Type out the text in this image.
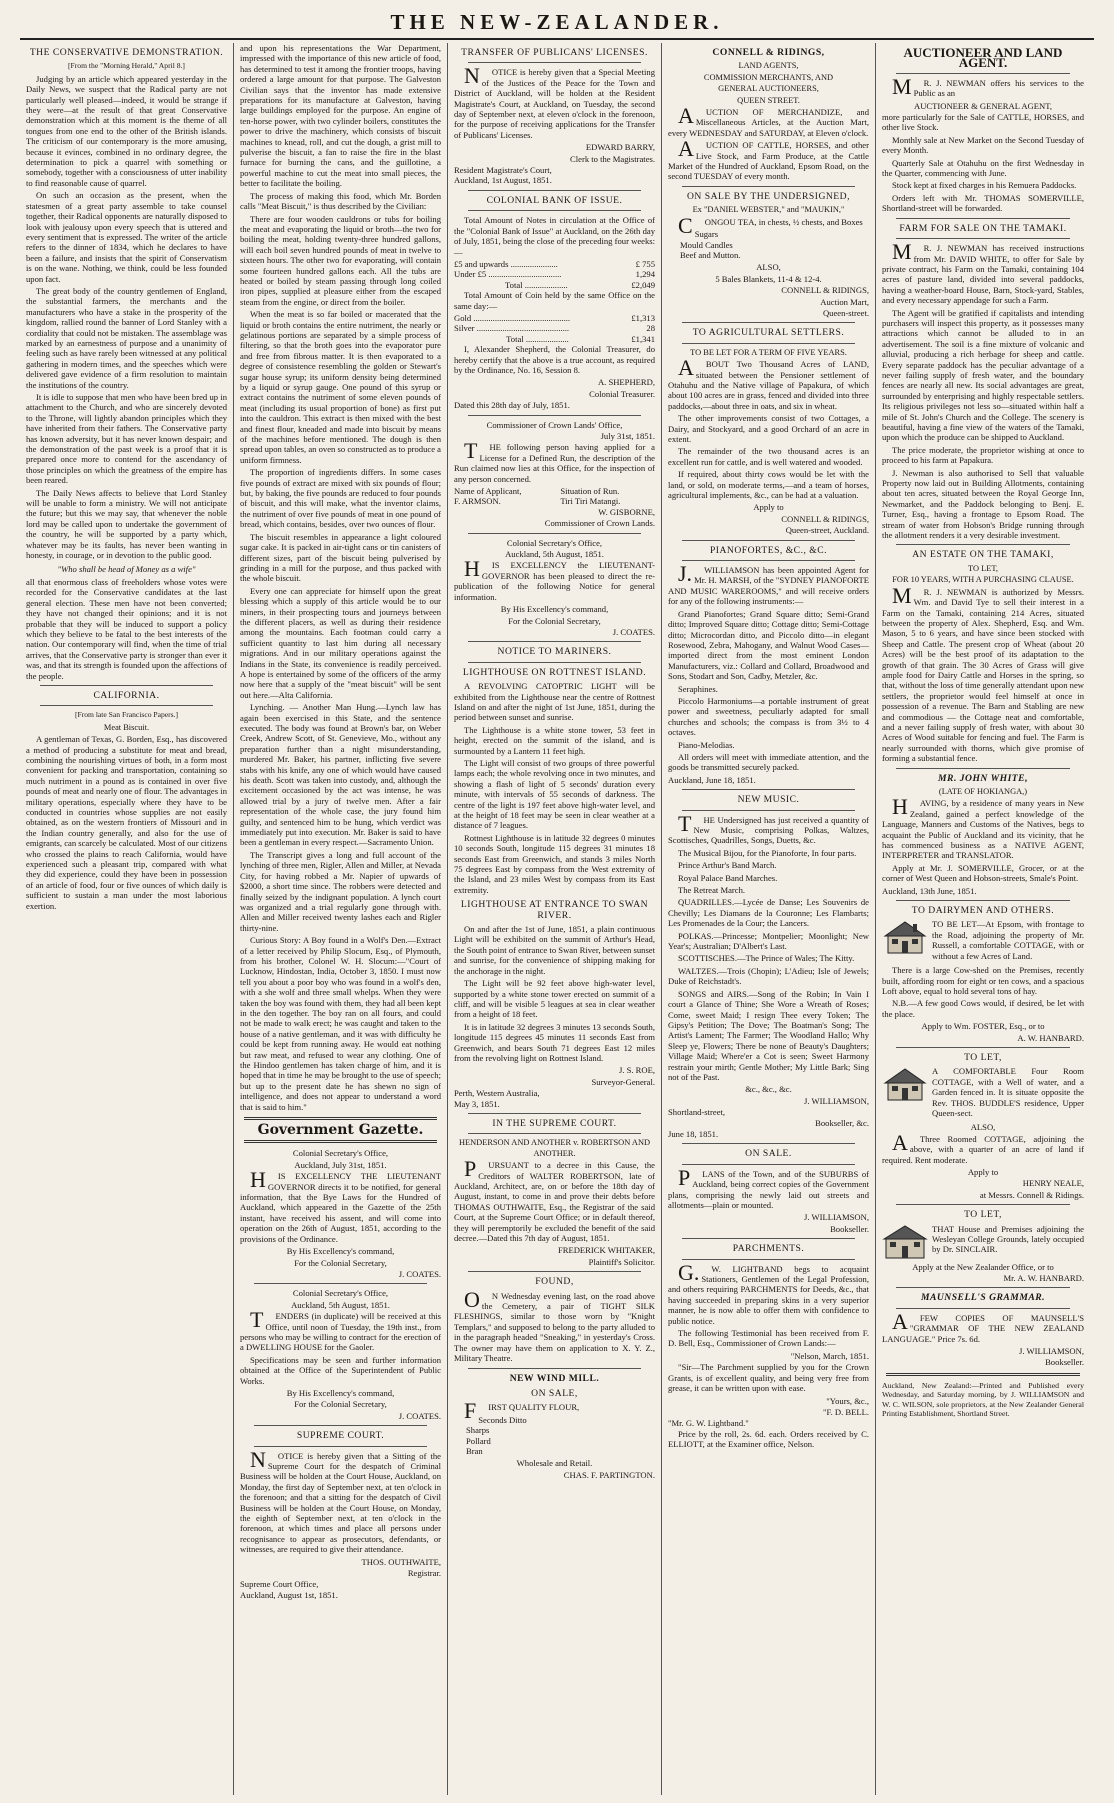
THE NEW-ZEALANDER.
THE CONSERVATIVE DEMONSTRATION.
[From the "Morning Herald," April 8.]

Judging by an article which appeared yesterday in the Daily News, we suspect that the Radical party are not particularly well pleased—indeed, it would be strange if they were—at the result of that great Conservative demonstration which at this moment is the theme of all tongues from one end to the other of the British islands. The criticism of our contemporary is the more amusing, because it evinces, combined in no ordinary degree, the determination to pick a quarrel with something or somebody, together with a consciousness of utter inability to find reasonable cause of quarrel.

On such an occasion as the present, when the statesmen of a great party assemble to take counsel together, their Radical opponents are naturally disposed to look with jealousy upon every speech that is uttered and every sentiment that is expressed. The writer of the article refers to the dinner of 1834, which he declares to have been a failure, and insists that the spirit of Conservatism is on the wane. Nothing, we think, could be less founded upon fact.

The great body of the country gentlemen of England, the substantial farmers, the merchants and the manufacturers who have a stake in the prosperity of the kingdom, rallied round the banner of Lord Stanley with a cordiality that could not be mistaken. The assemblage was marked by an earnestness of purpose and a unanimity of feeling such as have rarely been witnessed at any political gathering in modern times, and the speeches which were delivered gave evidence of a firm resolution to maintain the institutions of the country.

It is idle to suppose that men who have been bred up in attachment to the Church, and who are sincerely devoted to the Throne, will lightly abandon principles which they have inherited from their fathers. The Conservative party has known adversity, but it has never known despair; and the demonstration of the past week is a proof that it is prepared once more to contend for the ascendancy of those principles on which the greatness of the empire has been reared.

The Daily News affects to believe that Lord Stanley will be unable to form a ministry. We will not anticipate the future; but this we may say, that whenever the noble lord may be called upon to undertake the government of the country, he will be supported by a party which, whatever may be its faults, has never been wanting in honesty, in courage, or in devotion to the public good.

"Who shall be head of Money as a wife"

all that enormous class of freeholders whose votes were recorded for the Conservative candidates at the last general election. These men have not been converted; they have not changed their opinions; and it is not probable that they will be induced to support a policy which they believe to be fatal to the best interests of the nation. Our contemporary will find, when the time of trial arrives, that the Conservative party is stronger than ever it was, and that its strength is founded upon the affections of the people.

CALIFORNIA.
[From late San Francisco Papers.]
Meat Biscuit.

A gentleman of Texas, G. Borden, Esq., has discovered a method of producing a substitute for meat and bread, combining the nourishing virtues of both, in a form most convenient for packing and transportation, containing so much nutriment in a pound as is contained in over five pounds of meat and nearly one of flour. The advantages in military operations, especially where they have to be conducted in countries whose supplies are not easily obtained, as on the western frontiers of Missouri and in the Indian country generally, and also for the use of emigrants, can scarcely be calculated. Most of our citizens who crossed the plains to reach California, would have experienced such a pleasant trip, compared with what they did experience, could they have been in possession of an article of food, four or five ounces of which daily is sufficient to sustain a man under the most laborious exertion.

and upon his representations the War Department, impressed with the importance of this new article of food, has determined to test it among the frontier troops, having ordered a large amount for that purpose. The Galveston Civilian says that the inventor has made extensive preparations for its manufacture at Galveston, having large buildings employed for the purpose. An engine of ten-horse power, with two cylinder boilers, constitutes the power to drive the machinery, which consists of biscuit machines to knead, roll, and cut the dough, a grist mill to pulverise the biscuit, a fan to raise the fire in the blast furnace for burning the cans, and the guillotine, a powerful machine to cut the meat into small pieces, the better to facilitate the boiling.

The process of making this food, which Mr. Borden calls "Meat Biscuit," is thus described by the Civilian:

There are four wooden cauldrons or tubs for boiling the meat and evaporating the liquid or broth—the two for boiling the meat, holding twenty-three hundred gallons, will each boil seven hundred pounds of meat in twelve to sixteen hours. The other two for evaporating, will contain some fourteen hundred gallons each. All the tubs are heated or boiled by steam passing through long coiled iron pipes, supplied at pleasure either from the escaped steam from the engine, or direct from the boiler.

When the meat is so far boiled or macerated that the liquid or broth contains the entire nutriment, the nearly or gelatinous portions are separated by a simple process of filtering, so that the broth goes into the evaporator pure and free from fibrous matter. It is then evaporated to a degree of consistence resembling the golden or Stewart's sugar house syrup; its uniform density being determined by a liquid or syrup gauge. One pound of this syrup or extract contains the nutriment of some eleven pounds of meat (including its usual proportion of bone) as first put into the cauldron. This extract is then mixed with the best and finest flour, kneaded and made into biscuit by means of the machines before mentioned. The dough is then spread upon tables, an oven so constructed as to produce a uniform firmness.

The proportion of ingredients differs. In some cases five pounds of extract are mixed with six pounds of flour; but, by baking, the five pounds are reduced to four pounds of biscuit, and this will make, what the inventor claims, the nutriment of over five pounds of meat in one pound of bread, which contains, besides, over two ounces of flour.

The biscuit resembles in appearance a light coloured sugar cake. It is packed in air-tight cans or tin canisters of different sizes, part of the biscuit being pulverised by grinding in a mill for the purpose, and thus packed with the whole biscuit.

Every one can appreciate for himself upon the great blessing which a supply of this article would be to our miners, in their prospecting tours and journeys between the different placers, as well as during their residence among the mountains. Each footman could carry a sufficient quantity to last him during all necessary migrations. And in our military operations against the Indians in the State, its convenience is readily perceived. A hope is entertained by some of the officers of the army now here that a supply of the "meat biscuit" will be sent out here.—Alta California.

Lynching. — Another Man Hung.—Lynch law has again been exercised in this State, and the sentence executed. The body was found at Brown's bar, on Weber Creek, Andrew Scott, of St. Genevieve, Mo., without any preparation further than a night misunderstanding, murdered Mr. Baker, his partner, inflicting five severe stabs with his knife, any one of which would have caused his death. Scott was taken into custody, and, although the excitement occasioned by the act was intense, he was allowed trial by a jury of twelve men. After a fair representation of the whole case, the jury found him guilty, and sentenced him to be hung, which verdict was immediately put into execution. Mr. Baker is said to have been a gentleman in every respect.—Sacramento Union.

The Transcript gives a long and full account of the lynching of three men, Rigler, Allen and Miller, at Nevada City, for having robbed a Mr. Napier of upwards of $2000, a short time since. The robbers were detected and finally seized by the indignant population. A lynch court was organized and a trial regularly gone through with. Allen and Miller received twenty lashes each and Rigler thirty-nine.

Curious Story: A Boy found in a Wolf's Den.—Extract of a letter received by Philip Slocum, Esq., of Plymouth, from his brother, Colonel W. H. Slocum:—"Court of Lucknow, Hindostan, India, October 3, 1850. I must now tell you about a poor boy who was found in a wolf's den, with a she wolf and three small whelps. When they were taken the boy was found with them, they had all been kept in the den together. The boy ran on all fours, and could not be made to walk erect; he was caught and taken to the house of a native gentleman, and it was with difficulty he could be kept from running away. He would eat nothing but raw meat, and refused to wear any clothing. One of the Hindoo gentlemen has taken charge of him, and it is hoped that in time he may be brought to the use of speech; but up to the present date he has shewn no sign of intelligence, and does not appear to understand a word that is said to him."

Government Gazette.
Colonial Secretary's Office,
Auckland, July 31st, 1851.

HIS EXCELLENCY THE LIEUTENANT GOVERNOR directs it to be notified, for general information, that the Bye Laws for the Hundred of Auckland, which appeared in the Gazette of the 25th instant, have received his assent, and will come into operation on the 26th of August, 1851, according to the provisions of the Ordinance.

By His Excellency's command,
For the Colonial Secretary,
J. COATES.
Colonial Secretary's Office,
Auckland, 5th August, 1851.

TENDERS (in duplicate) will be received at this Office, until noon of Tuesday, the 19th inst., from persons who may be willing to contract for the erection of a DWELLING HOUSE for the Gaoler.

Specifications may be seen and further information obtained at the Office of the Superintendent of Public Works.

By His Excellency's command,
For the Colonial Secretary,
J. COATES.
SUPREME COURT.

NOTICE is hereby given that a Sitting of the Supreme Court for the despatch of Criminal Business will be holden at the Court House, Auckland, on Monday, the first day of September next, at ten o'clock in the forenoon; and that a sitting for the despatch of Civil Business will be holden at the Court House, on Monday, the eighth of September next, at ten o'clock in the forenoon, at which times and place all persons under recognisance to appear as prosecutors, defendants, or witnesses, are required to give their attendance.

THOS. OUTHWAITE,
Registrar.
Supreme Court Office,
Auckland, August 1st, 1851.
TRANSFER OF PUBLICANS' LICENSES.

NOTICE is hereby given that a Special Meeting of the Justices of the Peace for the Town and District of Auckland, will be holden at the Resident Magistrate's Court, at Auckland, on Tuesday, the second day of September next, at eleven o'clock in the forenoon, for the purpose of receiving applications for the Transfer of Publicans' Licenses.

EDWARD BARRY,
Clerk to the Magistrates.
Resident Magistrate's Court,
Auckland, 1st August, 1851.
COLONIAL BANK OF ISSUE.

Total Amount of Notes in circulation at the Office of the "Colonial Bank of Issue" at Auckland, on the 26th day of July, 1851, being the close of the preceding four weeks:—

£5 and upwards ......................	£ 755
Under £5 ..................................	1,294
Total ....................	£2,049

Total Amount of Coin held by the same Office on the same day:—

Gold .............................................	£1,313
Silver ...........................................	28
Total ....................	£1,341

I, Alexander Shepherd, the Colonial Treasurer, do hereby certify that the above is a true account, as required by the Ordinance, No. 16, Session 8.

A. SHEPHERD,
Colonial Treasurer.
Dated this 28th day of July, 1851.
Commissioner of Crown Lands' Office,
July 31st, 1851.

THE following person having applied for a License for a Defined Run, the description of the Run claimed now lies at this Office, for the inspection of any person concerned.

Name of Applicant,	Situation of Run.
F. ARMSON.	Tiri Tiri Matangi.
W. GISBORNE,
Commissioner of Crown Lands.
Colonial Secretary's Office,
Auckland, 5th August, 1851.

HIS EXCELLENCY the LIEUTENANT-GOVERNOR has been pleased to direct the re-publication of the following Notice for general information.

By His Excellency's command,
For the Colonial Secretary,
J. COATES.
NOTICE TO MARINERS.
LIGHTHOUSE ON ROTTNEST ISLAND.

A REVOLVING CATOPTRIC LIGHT will be exhibited from the Lighthouse near the centre of Rottnest Island on and after the night of 1st June, 1851, during the period between sunset and sunrise.

The Lighthouse is a white stone tower, 53 feet in height, erected on the summit of the island, and is surmounted by a Lantern 11 feet high.

The Light will consist of two groups of three powerful lamps each; the whole revolving once in two minutes, and showing a flash of light of 5 seconds' duration every minute, with intervals of 55 seconds of darkness. The centre of the light is 197 feet above high-water level, and at the height of 18 feet may be seen in clear weather at a distance of 7 leagues.

Rottnest Lighthouse is in latitude 32 degrees 0 minutes 10 seconds South, longitude 115 degrees 31 minutes 18 seconds East from Greenwich, and stands 3 miles North 75 degrees East by compass from the West extremity of the Island, and 23 miles West by compass from its East extremity.

LIGHTHOUSE AT ENTRANCE TO SWAN RIVER.

On and after the 1st of June, 1851, a plain continuous Light will be exhibited on the summit of Arthur's Head, the South point of entrance to Swan River, between sunset and sunrise, for the convenience of shipping making for the anchorage in the night.

The Light will be 92 feet above high-water level, supported by a white stone tower erected on summit of a cliff, and will be visible 5 leagues at sea in clear weather from a height of 18 feet.

It is in latitude 32 degrees 3 minutes 13 seconds South, longitude 115 degrees 45 minutes 11 seconds East from Greenwich, and bears South 71 degrees East 12 miles from the revolving light on Rottnest Island.

J. S. ROE,
Surveyor-General.
Perth, Western Australia,
May 3, 1851.
IN THE SUPREME COURT.
HENDERSON AND ANOTHER v. ROBERTSON AND ANOTHER.

PURSUANT to a decree in this Cause, the Creditors of WALTER ROBERTSON, late of Auckland, Architect, are, on or before the 18th day of August, instant, to come in and prove their debts before THOMAS OUTHWAITE, Esq., the Registrar of the said Court, at the Supreme Court Office; or in default thereof, they will peremptorily be excluded the benefit of the said decree.—Dated this 7th day of August, 1851.

FREDERICK WHITAKER,
Plaintiff's Solicitor.
FOUND,

ON Wednesday evening last, on the road above the Cemetery, a pair of TIGHT SILK FLESHINGS, similar to those worn by "Knight Templars," and supposed to belong to the party alluded to in the paragraph headed "Sneaking," in yesterday's Cross. The owner may have them on application to X. Y. Z., Military Theatre.

NEW WIND MILL.
ON SALE,

FIRST QUALITY FLOUR,

Seconds Ditto
Sharps
Pollard
Bran
Wholesale and Retail.
CHAS. F. PARTINGTON.
CONNELL & RIDINGS,
LAND AGENTS,
COMMISSION MERCHANTS, AND
GENERAL AUCTIONEERS,
QUEEN STREET.

AUCTION OF MERCHANDIZE, and Miscellaneous Articles, at the Auction Mart, every WEDNESDAY and SATURDAY, at Eleven o'clock.

AUCTION OF CATTLE, HORSES, and other Live Stock, and Farm Produce, at the Cattle Market of the Hundred of Auckland, Epsom Road, on the second TUESDAY of every month.

ON SALE BY THE UNDERSIGNED,
Ex "DANIEL WEBSTER," and "MAUKIN,"

CONGOU TEA, in chests, ½ chests, and Boxes

Sugars
Mould Candles
Beef and Mutton.
ALSO,
5 Bales Blankets, 11-4 & 12-4.
CONNELL & RIDINGS,
Auction Mart,
Queen-street.
TO AGRICULTURAL SETTLERS.
TO BE LET FOR A TERM OF FIVE YEARS.

ABOUT Two Thousand Acres of LAND, situated between the Pensioner settlement of Otahuhu and the Native village of Papakura, of which about 100 acres are in grass, fenced and divided into three paddocks,—about three in oats, and six in wheat.

The other improvements consist of two Cottages, a Dairy, and Stockyard, and a good Orchard of an acre in extent.

The remainder of the two thousand acres is an excellent run for cattle, and is well watered and wooded.

If required, about thirty cows would be let with the land, or sold, on moderate terms,—and a team of horses, agricultural implements, &c., can be had at a valuation.

Apply to
CONNELL & RIDINGS,
Queen-street, Auckland.
PIANOFORTES, &C., &C.

J.WILLIAMSON has been appointed Agent for Mr. H. MARSH, of the "SYDNEY PIANOFORTE AND MUSIC WAREROOMS," and will receive orders for any of the following instruments:—

Grand Pianofortes; Grand Square ditto; Semi-Grand ditto; Improved Square ditto; Cottage ditto; Semi-Cottage ditto; Microcordan ditto, and Piccolo ditto—in elegant Rosewood, Zebra, Mahogany, and Walnut Wood Cases—imported direct from the most eminent London Manufacturers, viz.: Collard and Collard, Broadwood and Sons, Stodart and Son, Cadby, Metzler, &c.

Seraphines.

Piccolo Harmoniums—a portable instrument of great power and sweetness, peculiarly adapted for small churches and schools; the compass is from 3½ to 4 octaves.

Piano-Melodias.

All orders will meet with immediate attention, and the goods be transmitted securely packed.

Auckland, June 18, 1851.
NEW MUSIC.

THE Undersigned has just received a quantity of New Music, comprising Polkas, Waltzes, Scottisches, Quadrilles, Songs, Duetts, &c.

The Musical Bijou, for the Pianoforte, In four parts.

Prince Arthur's Band March.

Royal Palace Band Marches.

The Retreat March.

QUADRILLES.—Lycée de Danse; Les Souvenirs de Chevilly; Les Diamans de la Couronne; Les Flambarts; Les Promenades de la Cour; the Lancers.

POLKAS.—Princesse; Montpelier; Moonlight; New Year's; Australian; D'Albert's Last.

SCOTTISCHES.—The Prince of Wales; The Kitty.

WALTZES.—Trois (Chopin); L'Adieu; Isle of Jewels; Duke of Reichstadt's.

SONGS and AIRS.—Song of the Robin; In Vain I court a Glance of Thine; She Wore a Wreath of Roses; Come, sweet Maid; I resign Thee every Token; The Gipsy's Petition; The Dove; The Boatman's Song; The Artist's Lament; The Farmer; The Woodland Hallo; Why Sleep ye, Flowers; There be none of Beauty's Daughters; Village Maid; Where'er a Cot is seen; Sweet Harmony restrain your mirth; Gentle Mother; My Little Bark; Sing not of the Past.

&c., &c., &c.
J. WILLIAMSON,
Shortland-street,
Bookseller, &c.
June 18, 1851.
ON SALE.

PLANS of the Town, and of the SUBURBS of Auckland, being correct copies of the Government plans, comprising the newly laid out streets and allotments—plain or mounted.

J. WILLIAMSON,
Bookseller.
PARCHMENTS.

G.W. LIGHTBAND begs to acquaint Stationers, Gentlemen of the Legal Profession, and others requiring PARCHMENTS for Deeds, &c., that having succeeded in preparing skins in a very superior manner, he is now able to offer them with confidence to public notice.

The following Testimonial has been received from F. D. Bell, Esq., Commissioner of Crown Lands:—

"Nelson, March, 1851.

"Sir—The Parchment supplied by you for the Crown Grants, is of excellent quality, and being very free from grease, it can be written upon with ease.

"Yours, &c.,
"F. D. BELL.
"Mr. G. W. Lightband."

Price by the roll, 2s. 6d. each. Orders received by C. ELLIOTT, at the Examiner office, Nelson.

AUCTIONEER AND LAND AGENT.

MR. J. NEWMAN offers his services to the Public as an

AUCTIONEER & GENERAL AGENT,

more particularly for the Sale of CATTLE, HORSES, and other live Stock.

Monthly sale at New Market on the Second Tuesday of every Month.

Quarterly Sale at Otahuhu on the first Wednesday in the Quarter, commencing with June.

Stock kept at fixed charges in his Remuera Paddocks.

Orders left with Mr. THOMAS SOMERVILLE, Shortland-street will be forwarded.

FARM FOR SALE ON THE TAMAKI.

MR. J. NEWMAN has received instructions from Mr. DAVID WHITE, to offer for Sale by private contract, his Farm on the Tamaki, containing 104 acres of pasture land, divided into several paddocks, having a weather-board House, Barn, Stock-yard, Stables, and every necessary appendage for such a Farm.

The Agent will be gratified if capitalists and intending purchasers will inspect this property, as it possesses many attractions which cannot be alluded to in an advertisement. The soil is a fine mixture of volcanic and alluvial, producing a rich herbage for sheep and cattle. Every separate paddock has the peculiar advantage of a never failing supply of fresh water, and the boundary fences are nearly all new. Its social advantages are great, surrounded by enterprising and highly respectable settlers. Its religious privileges not less so—situated within half a mile of St. John's Church and the College. The scenery is beautiful, having a fine view of the waters of the Tamaki, upon which the produce can be shipped to Auckland.

The price moderate, the proprietor wishing at once to proceed to his farm at Papakura.

J. Newman is also authorised to Sell that valuable Property now laid out in Building Allotments, containing about ten acres, situated between the Royal George Inn, Newmarket, and the Paddock belonging to Benj. E. Turner, Esq., having a frontage to Epsom Road. The stream of water from Hobson's Bridge running through the allotment renders it a very desirable investment.

AN ESTATE ON THE TAMAKI,
TO LET,
FOR 10 YEARS, WITH A PURCHASING CLAUSE.

MR. J. NEWMAN is authorized by Messrs. Wm. and David Tye to sell their interest in a Farm on the Tamaki, containing 214 Acres, situated between the property of Alex. Shepherd, Esq. and Wm. Mason, 5 to 6 years, and have since been stocked with Sheep and Cattle. The present crop of Wheat (about 20 Acres) will be the best proof of its adaptation to the growth of that grain. The 30 Acres of Grass will give ample food for Dairy Cattle and Horses in the spring, so that, without the loss of time generally attendant upon new settlers, the proprietor would feel himself at once in possession of a revenue. The Barn and Stabling are new and commodious — the Cottage neat and comfortable, and a never failing supply of fresh water, with about 30 Acres of Wood suitable for fencing and fuel. The Farm is nearly surrounded with thorns, which give promise of forming a substantial fence.

MR. JOHN WHITE,
(LATE OF HOKIANGA,)

HAVING, by a residence of many years in New Zealand, gained a perfect knowledge of the Language, Manners and Customs of the Natives, begs to acquaint the Public of Auckland and its vicinity, that he has commenced business as a NATIVE AGENT, INTERPRETER and TRANSLATOR.

Apply at Mr. J. SOMERVILLE, Grocer, or at the corner of West Queen and Hobson-streets, Smale's Point.

Auckland, 13th June, 1851.
TO DAIRYMEN AND OTHERS.

TO BE LET—At Epsom, with frontage to the Road, adjoining the property of Mr. Russell, a comfortable COTTAGE, with or without a few Acres of Land.

There is a large Cow-shed on the Premises, recently built, affording room for eight or ten cows, and a spacious Loft above, equal to hold several tons of hay.

N.B.—A few good Cows would, if desired, be let with the place.

Apply to Wm. FOSTER, Esq., or to
A. W. HANBARD.
TO LET,

A COMFORTABLE Four Room COTTAGE, with a Well of water, and a Garden fenced in. It is situate opposite the Rev. THOS. BUDDLE'S residence, Upper Queen-sect.

ALSO,

AThree Roomed COTTAGE, adjoining the above, with a quarter of an acre of land if required. Rent moderate.

Apply to
HENRY NEALE,
at Messrs. Connell & Ridings.
TO LET,

THAT House and Premises adjoining the Wesleyan College Grounds, lately occupied by Dr. SINCLAIR.

Apply at the New Zealander Office, or to
Mr. A. W. HANBARD.
MAUNSELL'S GRAMMAR.

AFEW COPIES OF MAUNSELL'S "GRAMMAR OF THE NEW ZEALAND LANGUAGE." Price 7s. 6d.

J. WILLIAMSON,
Bookseller.

Auckland, New Zealand:—Printed and Published every Wednesday, and Saturday morning, by J. WILLIAMSON and W. C. WILSON, sole proprietors, at the New Zealander General Printing Establishment, Shortland Street.
